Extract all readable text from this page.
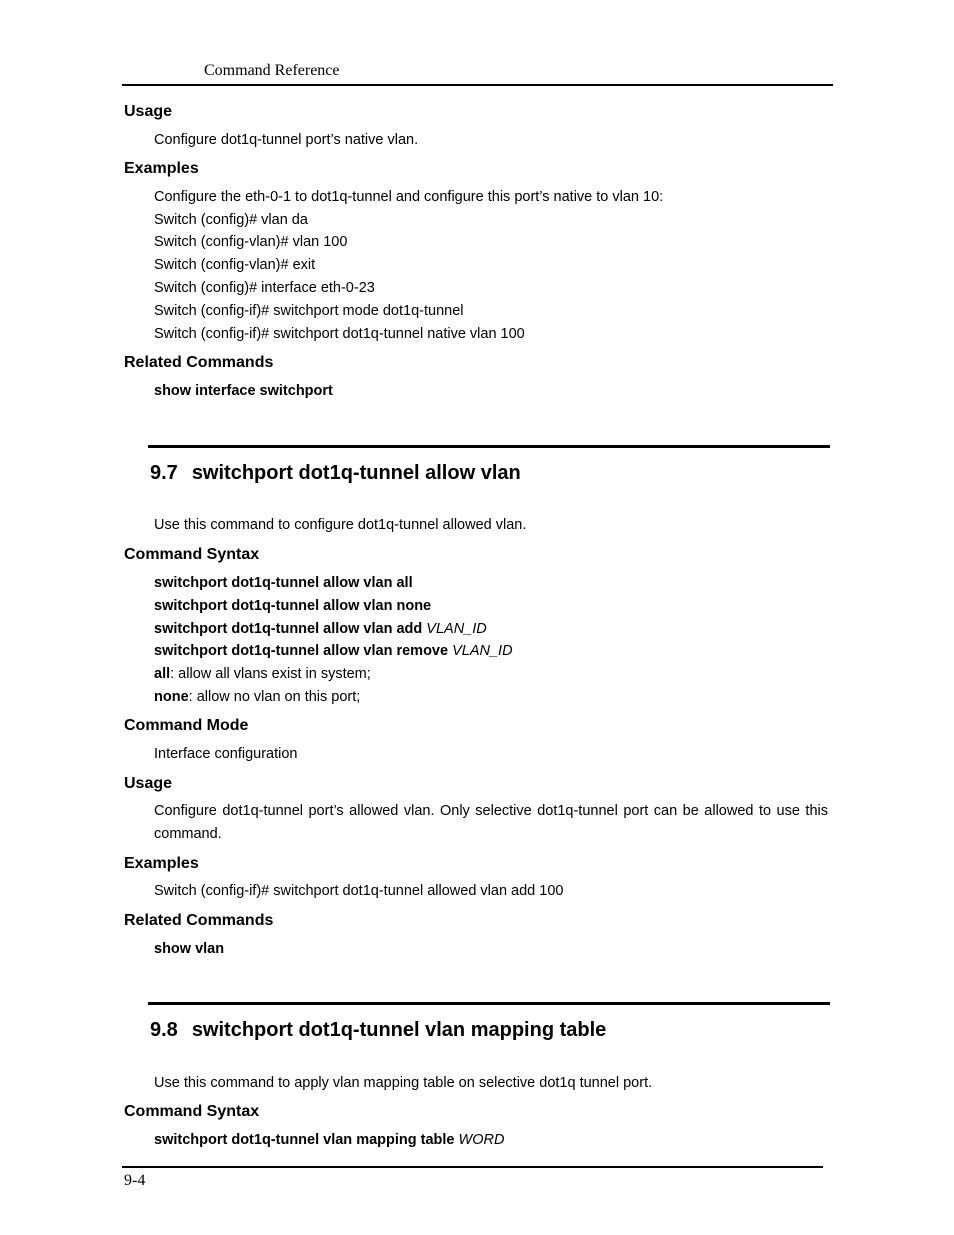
Command Reference
Usage
Configure dot1q-tunnel port’s native vlan.
Examples
Configure the eth-0-1 to dot1q-tunnel and configure this port’s native to vlan 10:
Switch (config)# vlan da
Switch (config-vlan)# vlan 100
Switch (config-vlan)# exit
Switch (config)# interface eth-0-23
Switch (config-if)# switchport mode dot1q-tunnel
Switch (config-if)# switchport dot1q-tunnel native vlan 100
Related Commands
show interface switchport
9.7 switchport dot1q-tunnel allow vlan
Use this command to configure dot1q-tunnel allowed vlan.
Command Syntax
switchport dot1q-tunnel allow vlan all
switchport dot1q-tunnel allow vlan none
switchport dot1q-tunnel allow vlan add VLAN_ID
switchport dot1q-tunnel allow vlan remove VLAN_ID
all: allow all vlans exist in system;
none: allow no vlan on this port;
Command Mode
Interface configuration
Usage
Configure dot1q-tunnel port’s allowed vlan. Only selective dot1q-tunnel port can be allowed to use this command.
Examples
Switch (config-if)# switchport dot1q-tunnel allowed vlan add 100
Related Commands
show vlan
9.8 switchport dot1q-tunnel vlan mapping table
Use this command to apply vlan mapping table on selective dot1q tunnel port.
Command Syntax
switchport dot1q-tunnel vlan mapping table WORD
9-4
